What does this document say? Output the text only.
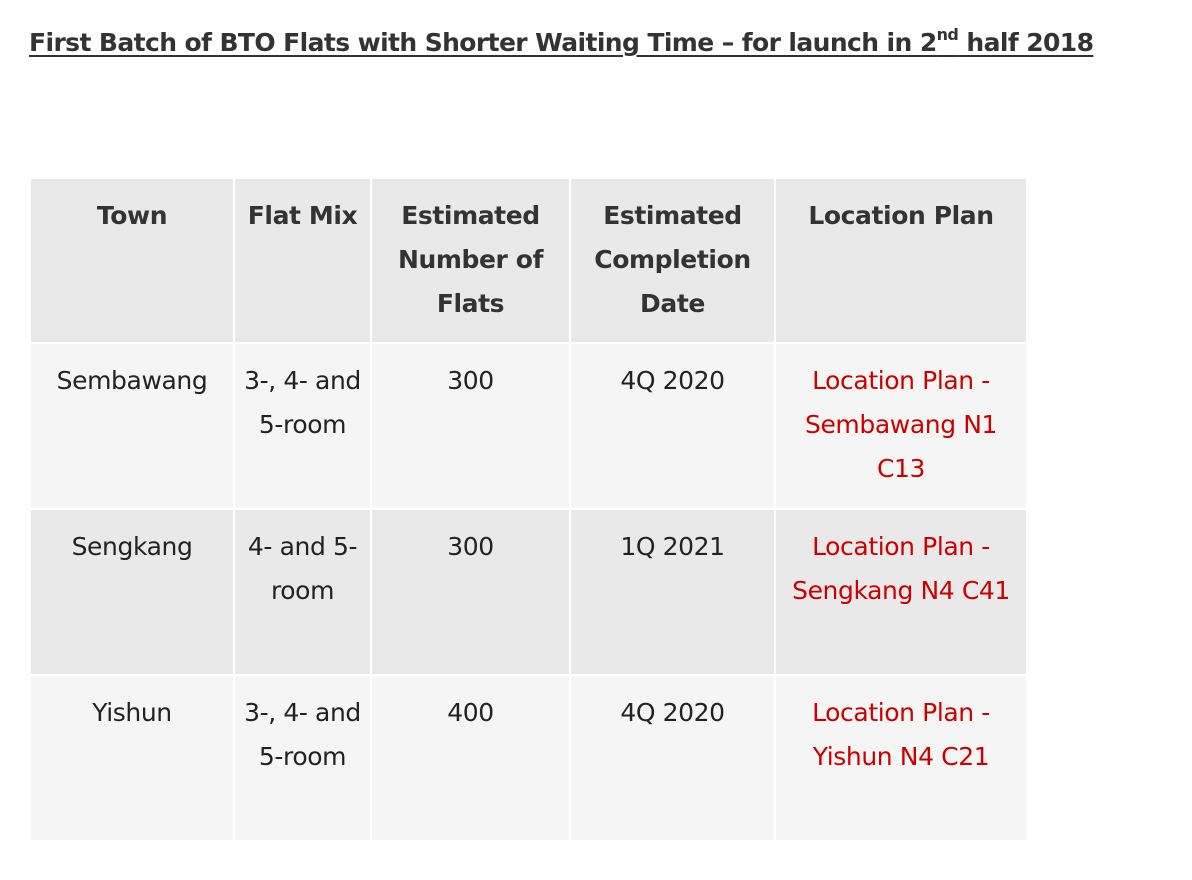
First Batch of BTO Flats with Shorter Waiting Time – for launch in 2nd half 2018
Town	Flat Mix	Estimated Number of Flats	Estimated Completion Date	Location Plan
Sembawang	3-, 4- and 5-room	300	4Q 2020	Location Plan - Sembawang N1 C13
Sengkang	4- and 5-room	300	1Q 2021	Location Plan - Sengkang N4 C41
Yishun	3-, 4- and 5-room	400	4Q 2020	Location Plan - Yishun N4 C21
